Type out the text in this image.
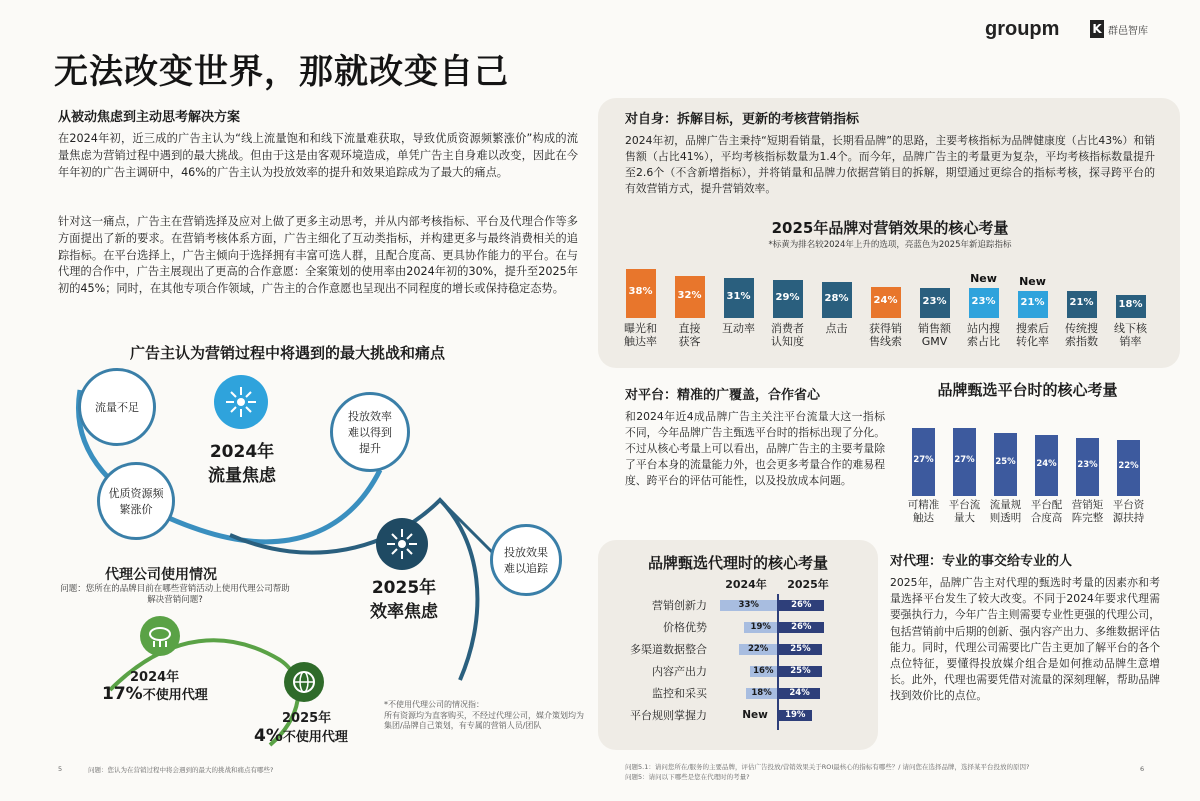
无法改变世界，那就改变自己
groupm	K 群邑智库
从被动焦虑到主动思考解决方案
在2024年初，近三成的广告主认为“线上流量饱和和线下流量难获取，导致优质资源频繁涨价”构成的流量焦虑为营销过程中遇到的最大挑战。但由于这是由客观环境造成，单凭广告主自身难以改变，因此在今年年初的广告主调研中，46%的广告主认为投放效率的提升和效果追踪成为了最大的痛点。
针对这一痛点，广告主在营销选择及应对上做了更多主动思考，并从内部考核指标、平台及代理合作等多方面提出了新的要求。在营销考核体系方面，广告主细化了互动类指标，并构建更多与最终消费相关的追踪指标。在平台选择上，广告主倾向于选择拥有丰富可选人群，且配合度高、更具协作能力的平台。在与代理的合作中，广告主展现出了更高的合作意愿：全案策划的使用率由2024年初的30%，提升至2025年初的45%；同时，在其他专项合作领域，广告主的合作意愿也呈现出不同程度的增长或保持稳定态势。
广告主认为营销过程中将遇到的最大挑战和痛点
流量不足
优质资源频繁涨价
投放效率难以得到提升
投放效果难以追踪
2024年
流量焦虑
2025年
效率焦虑
代理公司使用情况
问题：您所在的品牌目前在哪些营销活动上使用代理公司帮助解决营销问题?
2024年
17%不使用代理
2025年
4%不使用代理
*不使用代理公司的情况指：
所有资源均为直客购买，不经过代理公司，媒介策划均为集团/品牌自己策划，有专属的营销人员/团队
对自身：拆解目标，更新的考核营销指标
2024年初，品牌广告主秉持“短期看销量，长期看品牌”的思路，主要考核指标为品牌健康度（占比43%）和销售额（占比41%），平均考核指标数量为1.4个。而今年，品牌广告主的考量更为复杂，平均考核指标数量提升至2.6个（不含新增指标），并将销量和品牌力依据营销目的拆解，期望通过更综合的指标考核，探寻跨平台的有效营销方式，提升营销效率。
2025年品牌对营销效果的核心考量
*标黄为排名较2024年上升的选项，亮蓝色为2025年新追踪指标
38%
曝光和
触达率
32%
直接
获客
31%
互动率
29%
消费者
认知度
28%
点击
24%
获得销
售线索
23%
销售额
GMV
23%
New
站内搜
索占比
21%
New
搜索后
转化率
21%
传统搜
索指数
18%
线下核
销率
对平台：精准的广覆盖，合作省心
和2024年近4成品牌广告主关注平台流量大这一指标不同，今年品牌广告主甄选平台时的指标出现了分化。不过从核心考量上可以看出，品牌广告主的主要考量除了平台本身的流量能力外，也会更多考量合作的难易程度、跨平台的评估可能性，以及投放成本问题。
品牌甄选平台时的核心考量
27%
可精准
触达
27%
平台流
量大
25%
流量规
则透明
24%
平台配
合度高
23%
营销矩
阵完整
22%
平台资
源扶持
品牌甄选代理时的核心考量
2024年	2025年
营销创新力	33%	26%
价格优势	19%	26%
多渠道数据整合	22%	25%
内容产出力	16%	25%
监控和采买	18%	24%
平台规则掌握力	New	19%
对代理：专业的事交给专业的人
2025年，品牌广告主对代理的甄选时考量的因素亦和考量选择平台发生了较大改变。不同于2024年要求代理需要强执行力，今年广告主则需要专业性更强的代理公司，包括营销前中后期的创新、强内容产出力、多维数据评估能力。同时，代理公司需要比广告主更加了解平台的各个点位特征，要懂得投放媒介组合是如何推动品牌生意增长。此外，代理也需要凭借对流量的深刻理解，帮助品牌找到效价比的点位。
5	问题：您认为在营销过程中将会遇到的最大的挑战和痛点有哪些?	问题5.1：请问您所在/服务的主要品牌，评估广告投放/营销效果关于ROI最核心的指标有哪些？/ 请问您在选择品牌，选择某平台投放的原因?
问题5：请问以下哪些是您在代理时的考量?
6
